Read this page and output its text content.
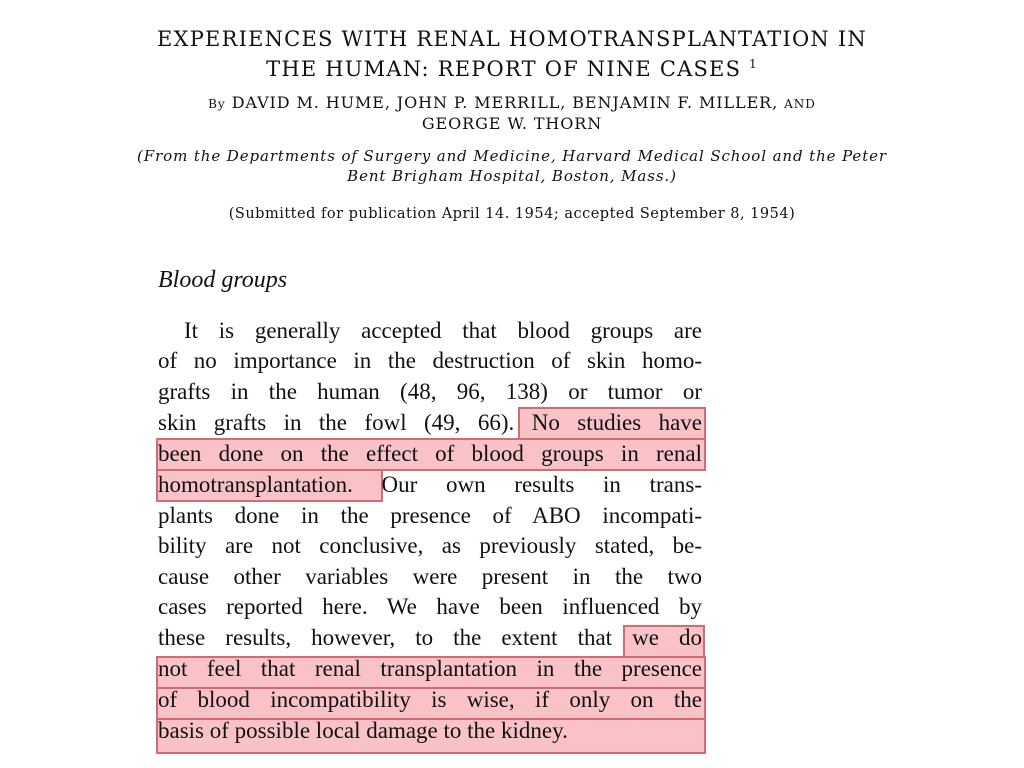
EXPERIENCES WITH RENAL HOMOTRANSPLANTATION IN
THE HUMAN: REPORT OF NINE CASES $^1$
By DAVID M. HUME, JOHN P. MERRILL, BENJAMIN F. MILLER, AND
GEORGE W. THORN
(From the Departments of Surgery and Medicine, Harvard Medical School and the Peter
Bent Brigham Hospital, Boston, Mass.)
(Submitted for publication April 14. 1954; accepted September 8, 1954)
Blood groups
It is generally accepted that blood groups are
of no importance in the destruction of skin homo-
grafts in the human (48, 96, 138) or tumor or
skin grafts in the fowl (49, 66). No studies have
been done on the effect of blood groups in renal
homotransplantation. Our own results in trans-
plants done in the presence of ABO incompati-
bility are not conclusive, as previously stated, be-
cause other variables were present in the two
cases reported here. We have been influenced by
these results, however, to the extent that we do
not feel that renal transplantation in the presence
of blood incompatibility is wise, if only on the
basis of possible local damage to the kidney.
